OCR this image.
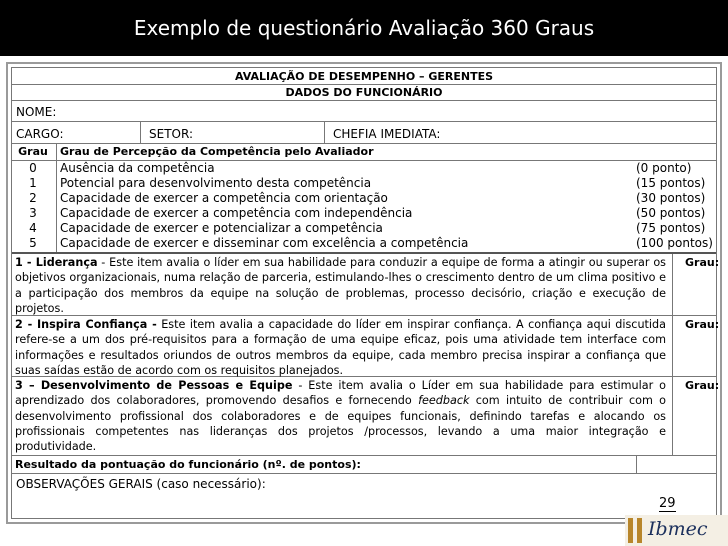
Exemplo de questionário Avaliação 360 Graus
AVALIAÇÃO DE DESEMPENHO – GERENTES
DADOS DO FUNCIONÁRIO
NOME:
CARGO:	SETOR:	CHEFIA IMEDIATA:
Grau	Grau de Percepção da Competência pelo Avaliador
0	Ausência da competência	(0 ponto)
1	Potencial para desenvolvimento desta competência	(15 pontos)
2	Capacidade de exercer a competência com orientação	(30 pontos)
3	Capacidade de exercer a competência com independência	(50 pontos)
4	Capacidade de exercer e potencializar a competência	(75 pontos)
5	Capacidade de exercer e disseminar com excelência a competência	(100 pontos)
1 - Liderança - Este item avalia o líder em sua habilidade para conduzir a equipe de forma a atingir ou superar os objetivos organizacionais, numa relação de parceria, estimulando-lhes o crescimento dentro de um clima positivo e a participação dos membros da equipe na solução de problemas, processo decisório, criação e execução de projetos.
Grau:
2 - Inspira Confiança - Este item avalia a capacidade do líder em inspirar confiança. A confiança aqui discutida refere-se a um dos pré-requisitos para a formação de uma equipe eficaz, pois uma atividade tem interface com informações e resultados oriundos de outros membros da equipe, cada membro precisa inspirar a confiança que suas saídas estão de acordo com os requisitos planejados.
Grau:
3 – Desenvolvimento de Pessoas e Equipe - Este item avalia o Líder em sua habilidade para estimular o aprendizado dos colaboradores, promovendo desafios e fornecendo feedback com intuito de contribuir com o desenvolvimento profissional dos colaboradores e de equipes funcionais, definindo tarefas e alocando os profissionais competentes nas lideranças dos projetos /processos, levando a uma maior integração e produtividade.
Grau:
Resultado da pontuação do funcionário (nº. de pontos):
OBSERVAÇÕES GERAIS (caso necessário):
29
Ibmec
